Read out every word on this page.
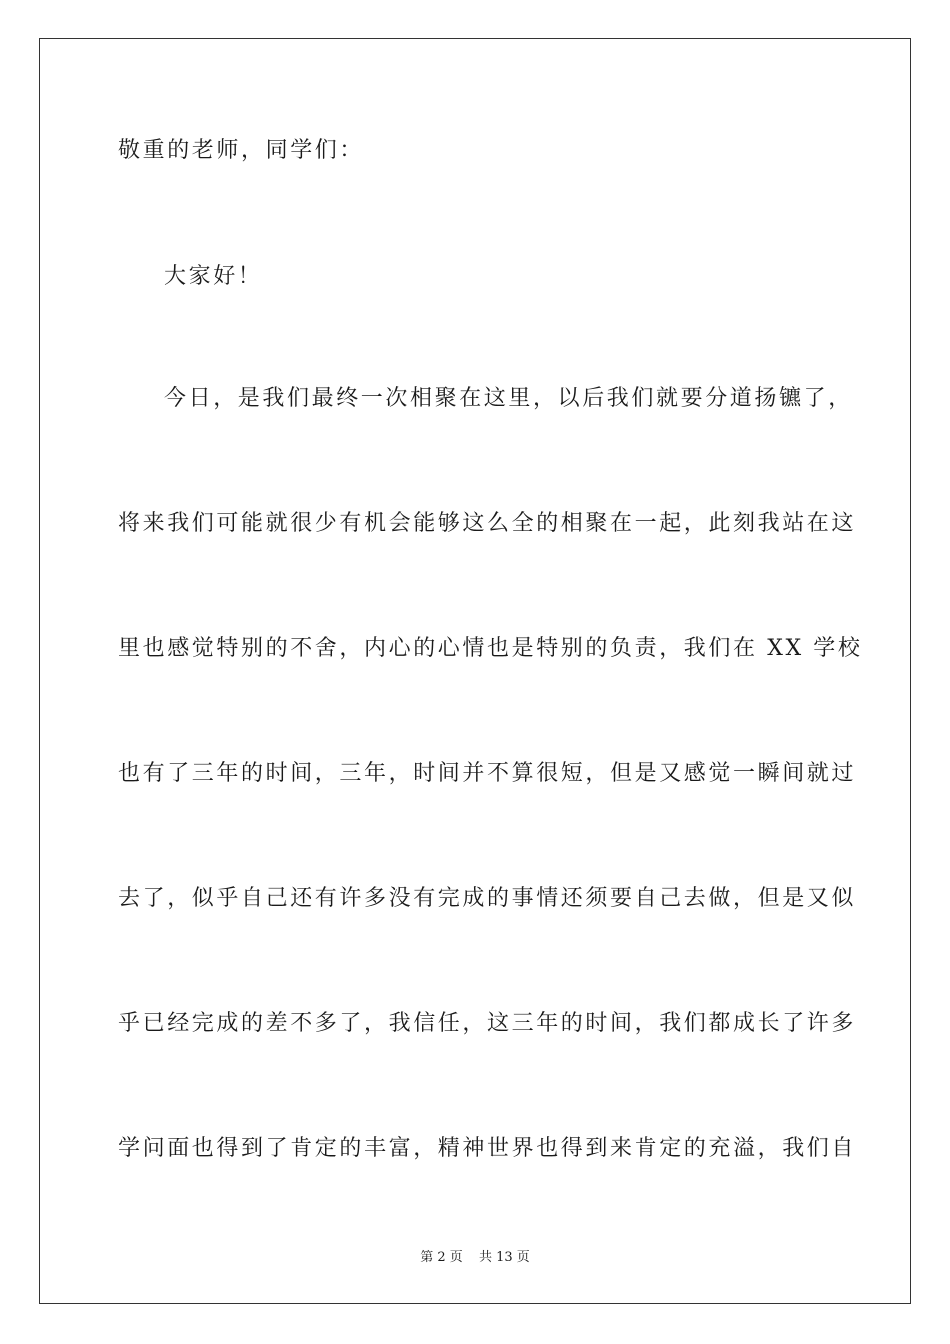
敬重的老师，同学们：
大家好！
今日，是我们最终一次相聚在这里，以后我们就要分道扬镳了，
将来我们可能就很少有机会能够这么全的相聚在一起，此刻我站在这
里也感觉特别的不舍，内心的心情也是特别的负责，我们在 XX 学校
也有了三年的时间，三年，时间并不算很短，但是又感觉一瞬间就过
去了，似乎自己还有许多没有完成的事情还须要自己去做，但是又似
乎已经完成的差不多了，我信任，这三年的时间，我们都成长了许多
学问面也得到了肯定的丰富，精神世界也得到来肯定的充溢，我们自
第 2 页 共 13 页
